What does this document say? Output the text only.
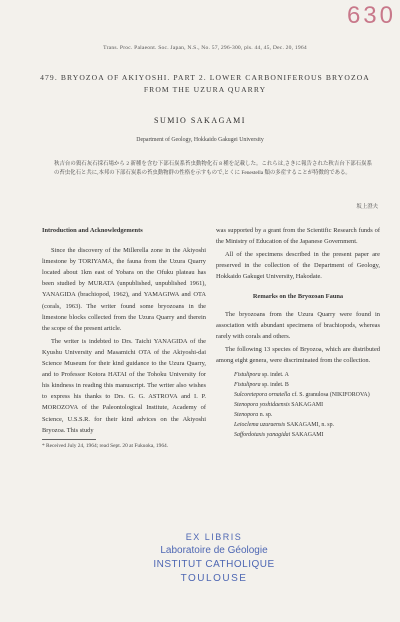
630
Trans. Proc. Palaeont. Soc. Japan, N.S., No. 57, 296-300, pls. 44, 45, Dec. 20, 1964
479. BRYOZOA OF AKIYOSHI. PART 2. LOWER CARBONIFEROUS BRYOZOA FROM THE UZURA QUARRY
SUMIO SAKAGAMI
Department of Geology, Hokkaido Gakugei University
秋吉台の鶉石灰石採石場から 2 新種を含む下部石炭系苔虫動物化石 8 種を記載した。これらは,さきに報告された秋吉台下部石炭系の苔虫化石と共に,本邦の下部石炭系の苔虫動物群の性格を示すもので,とくに Fenestella 類の多産することが特徴的である。
坂上澄夫
Introduction and Acknowledgements

Since the discovery of the Millerella zone in the Akiyoshi limestone by TORIYAMA, the fauna from the Uzura Quarry located about 1km east of Yobara on the Ofuku plateau has been studied by MURATA (unpublished, unpublished 1961), YANAGIDA (brachiopod, 1962), and YAMAGIWA and OTA (corals, 1963). The writer found some bryozoans in the limestone blocks collected from the Uzura Quarry and therein the scope of the present article.

The writer is indebted to Drs. Taichi YANAGIDA of the Kyushu University and Masamichi OTA of the Akiyoshi-dai Science Museum for their kind guidance to the Uzura Quarry, and to Professor Kotora HATAI of the Tohoku University for his kindness in reading this manuscript. The writer also wishes to express his thanks to Drs. G. G. ASTROVA and I. P. MOROZOVA of the Paleontological Institute, Academy of Science, U.S.S.R. for their kind advices on the Akiyoshi Bryozoa. This study

* Received July 24, 1964; read Sept. 20 at Fukuoka, 1964.

was supported by a grant from the Scientific Research funds of the Ministry of Education of the Japanese Government.

All of the specimens described in the present paper are preserved in the collection of the Department of Geology, Hokkaido Gakugei University, Hakodate.

Remarks on the Bryozoan Fauna

The bryozoans from the Uzura Quarry were found in association with abundant specimens of brachiopods, whereas rarely with corals and others.

The following 13 species of Bryozoa, which are distributed among eight genera, were discriminated from the collection.

Fistulipora sp. indet. A
Fistulipora sp. indet. B
Sulcoretepora ornatella cf. S. granulosa (NIKIFOROVA)
Stenopora yoshidaensis SAKAGAMI
Stenopora n. sp.
Leioclema uzuraensis SAKAGAMI, n. sp.
Saffordotaxis yanagidai SAKAGAMI
EX LIBRIS
Laboratoire de Géologie
INSTITUT CATHOLIQUE
TOULOUSE
